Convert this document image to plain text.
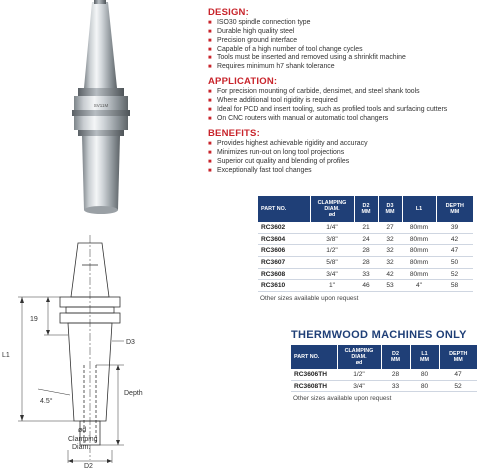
SV11M
DESIGN:
■ ISO30 spindle connection type
■ Durable high quality steel
■ Precision ground interface
■ Capable of a high number of tool change cycles
■ Tools must be inserted and removed using a shrinkfit machine
■ Requires minimum h7 shank tolerance
APPLICATION:
■ For precision mounting of carbide, densimet, and steel shank tools
■ Where additional tool rigidity is required
■ Ideal for PCD and insert tooling, such as profiled tools and surfacing cutters
■ On CNC routers with manual or automatic tool changers
BENEFITS:
■ Provides highest achievable rigidity and accuracy
■ Minimizes run-out on long tool projections
■ Superior cut quality and blending of profiles
■ Exceptionally fast tool changes
PART NO.	CLAMPING
DIAM.
ød	D2
MM	D3
MM	L1	DEPTH
MM
RC3602	1/4"	21	27	80mm	39
RC3604	3/8"	24	32	80mm	42
RC3606	1/2"	28	32	80mm	47
RC3607	5/8"	28	32	80mm	50
RC3608	3/4"	33	42	80mm	52
RC3610	1"	46	53	4"	58
Other sizes available upon request
THERMWOOD MACHINES ONLY
PART NO.	CLAMPING
DIAM.
ød	D2
MM	L1
MM	DEPTH
MM
RC3606TH	1/2"	28	80	47
RC3608TH	3/4"	33	80	52
Other sizes available upon request
19
L1
D3
Depth
4.5°
ød
Clamping
Diam.
D2
